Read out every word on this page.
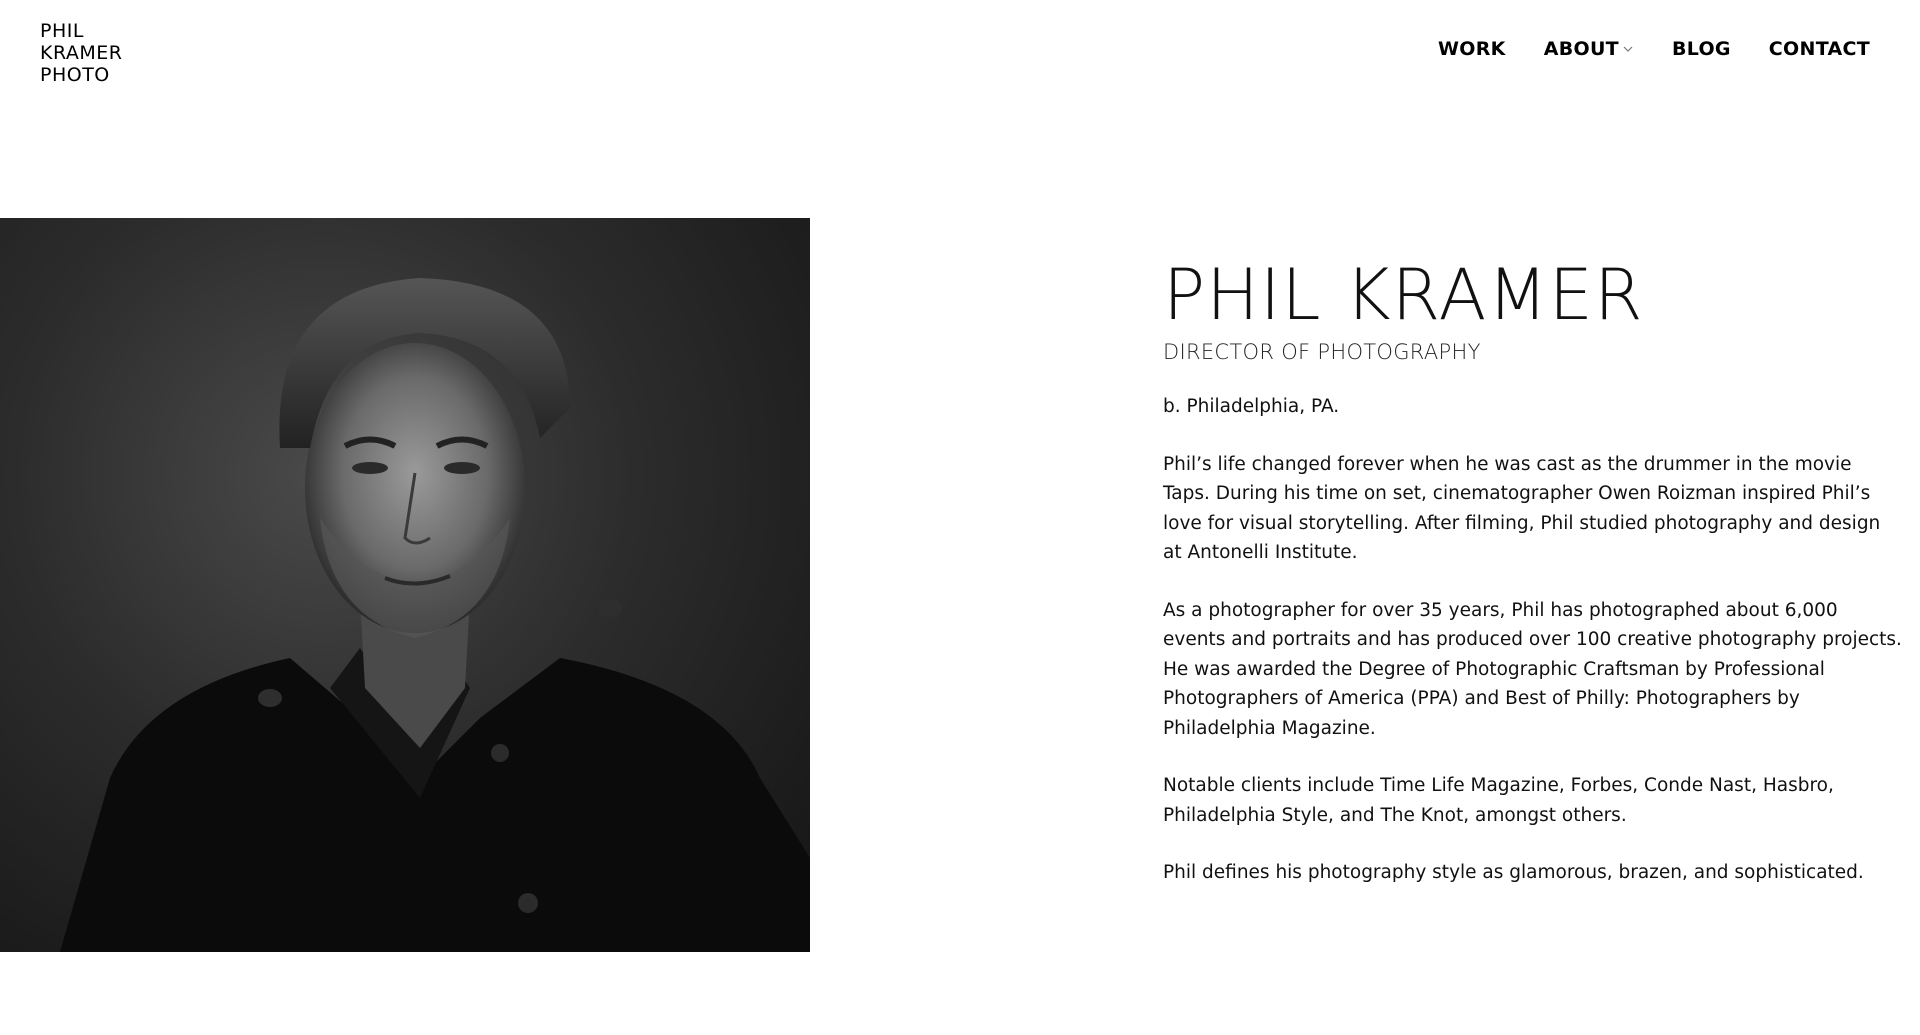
PHIL
KRAMER
PHOTO
WORK ABOUT	BLOG CONTACT
PHIL KRAMER
DIRECTOR OF PHOTOGRAPHY

b. Philadelphia, PA.

Phil’s life changed forever when he was cast as the drummer in the movie Taps. During his time on set, cinematographer Owen Roizman inspired Phil’s love for visual storytelling. After filming, Phil studied photography and design at Antonelli Institute.

As a photographer for over 35 years, Phil has photographed about 6,000 events and portraits and has produced over 100 creative photography projects. He was awarded the Degree of Photographic Craftsman by Professional Photographers of America (PPA) and Best of Philly: Photographers by Philadelphia Magazine.

Notable clients include Time Life Magazine, Forbes, Conde Nast, Hasbro, Philadelphia Style, and The Knot, amongst others.

Phil defines his photography style as glamorous, brazen, and sophisticated.
